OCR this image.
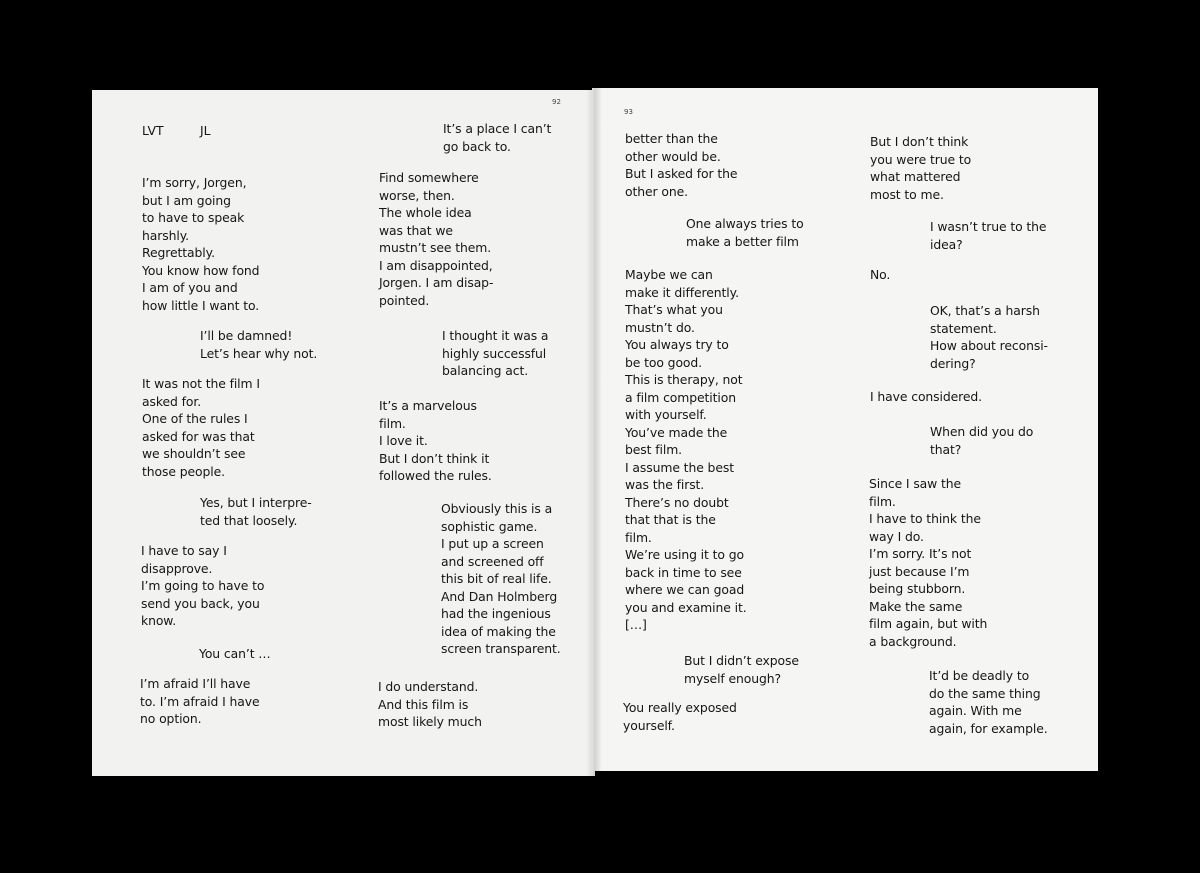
92
LVT	JL	It’s a place I can’t
go back to.
I’m sorry, Jorgen,
but I am going
to have to speak
harshly.
Regrettably.
You know how fond
I am of you and
how little I want to.
Find somewhere
worse, then.
The whole idea
was that we
mustn’t see them.
I am disappointed,
Jorgen. I am disap-
pointed.
I’ll be damned!
Let’s hear why not.
I thought it was a
highly successful
balancing act.
It was not the film I
asked for.
One of the rules I
asked for was that
we shouldn’t see
those people.
It’s a marvelous
film.
I love it.
But I don’t think it
followed the rules.
Yes, but I interpre-
ted that loosely.
Obviously this is a
sophistic game.
I put up a screen
and screened off
this bit of real life.
And Dan Holmberg
had the ingenious
idea of making the
screen transparent.
I have to say I
disapprove.
I’m going to have to
send you back, you
know.
You can’t …
I’m afraid I’ll have
to. I’m afraid I have
no option.
I do understand.
And this film is
most likely much
93
better than the
other would be.
But I asked for the
other one.
But I don’t think
you were true to
what mattered
most to me.
One always tries to
make a better film
I wasn’t true to the
idea?
Maybe we can
make it differently.
That’s what you
mustn’t do.
You always try to
be too good.
This is therapy, not
a film competition
with yourself.
You’ve made the
best film.
I assume the best
was the first.
There’s no doubt
that that is the
film.
We’re using it to go
back in time to see
where we can goad
you and examine it.
[…]
No.
OK, that’s a harsh
statement.
How about reconsi-
dering?
I have considered.
When did you do
that?
Since I saw the
film.
I have to think the
way I do.
I’m sorry. It’s not
just because I’m
being stubborn.
Make the same
film again, but with
a background.
But I didn’t expose
myself enough?	It’d be deadly to
do the same thing
again. With me
again, for example.
You really exposed
yourself.
